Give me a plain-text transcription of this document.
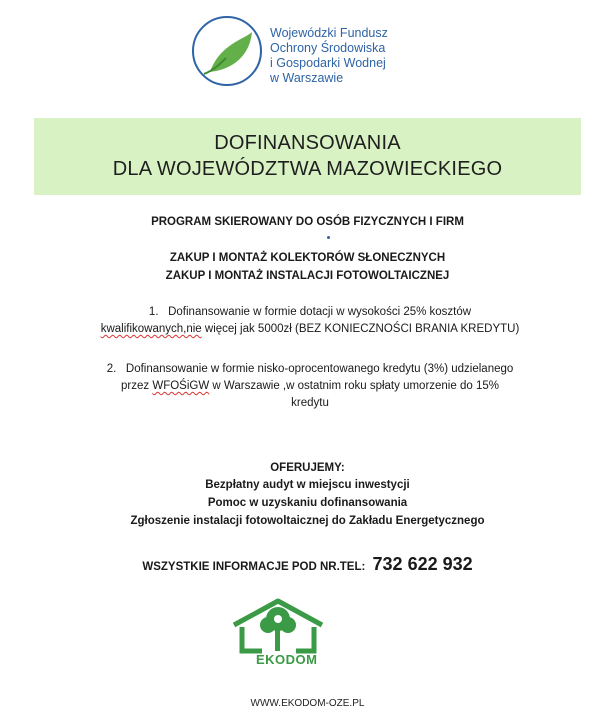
Wojewódzki Fundusz
Ochrony Środowiska
i Gospodarki Wodnej
w Warszawie
DOFINANSOWANIA
DLA WOJEWÓDZTWA MAZOWIECKIEGO
PROGRAM SKIEROWANY DO OSÓB FIZYCZNYCH I FIRM
ZAKUP I MONTAŻ KOLEKTORÓW SŁONECZNYCH
ZAKUP I MONTAŻ INSTALACJI FOTOWOLTAICZNEJ
1. Dofinansowanie w formie dotacji w wysokości 25% kosztów
kwalifikowanych,nie więcej jak 5000zł (BEZ KONIECZNOŚCI BRANIA KREDYTU)
2. Dofinansowanie w formie nisko-oprocentowanego kredytu (3%) udzielanego
przez WFOŚiGW w Warszawie ,w ostatnim roku spłaty umorzenie do 15%
kredytu
OFERUJEMY:
Bezpłatny audyt w miejscu inwestycji
Pomoc w uzyskaniu dofinansowania
Zgłoszenie instalacji fotowoltaicznej do Zakładu Energetycznego
WSZYSTKIE INFORMACJE POD NR.TEL: 732 622 932
EKODOM
WWW.EKODOM-OZE.PL
